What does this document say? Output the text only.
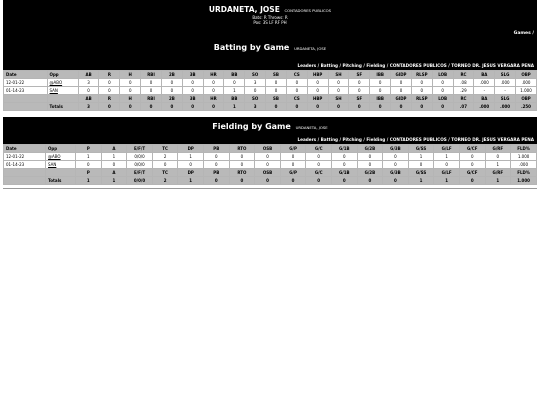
URDANETA, JOSE CONTADORES PUBLICOS
Bats: R Throws: R
Pos: 3S LF RF PH
Games /
Batting by Game URDANETA, JOSE
Leaders / Batting / Pitching / Fielding / CONTADORES PUBLICOS / TORNEO DR. JESUS VERGARA PENA
Date	Opp	AB	R	H	RBI	2B	3B	HR	BB	SO	SB	CS	HBP	SH	SF	IBB	GIDP	RLSP	LOB	RC	BA	SLG	OBP
12-01-22	@ABO	3	0	0	0	0	0	0	0	3	0	0	0	0	0	0	0	0	0	.08	.000	.000	.000
01-14-23	SAN	0	0	0	0	0	0	0	1	0	0	0	0	0	0	0	0	0	0	.29	-	-	1.000
		AB	R	H	RBI	2B	3B	HR	BB	SO	SB	CS	HBP	SH	SF	IBB	GIDP	RLSP	LOB	RC	BA	SLG	OBP
	Totals	3	0	0	0	0	0	0	1	3	0	0	0	0	0	0	0	0	0	.07	.000	.000	.250
Fielding by Game URDANETA, JOSE
Leaders / Batting / Pitching / Fielding / CONTADORES PUBLICOS / TORNEO DR. JESUS VERGARA PENA
Date	Opp	P	A	E/F/T	TC	DP	PB	RTO	OSB	G/P	G/C	G/1B	G/2B	G/3B	G/SS	G/LF	G/CF	G/RF	FLD%
12-01-22	@ABO	1	1	0/0/0	2	1	0	0	0	0	0	0	0	0	1	1	0	0	1.000
01-14-23	SAN	0	0	0/0/0	0	0	0	0	0	0	0	0	0	0	0	0	0	1	.000
		P	A	E/F/T	TC	DP	PB	RTO	OSB	G/P	G/C	G/1B	G/2B	G/3B	G/SS	G/LF	G/CF	G/RF	FLD%
	Totals	1	1	0/0/0	2	1	0	0	0	0	0	0	0	0	1	1	0	1	1.000
